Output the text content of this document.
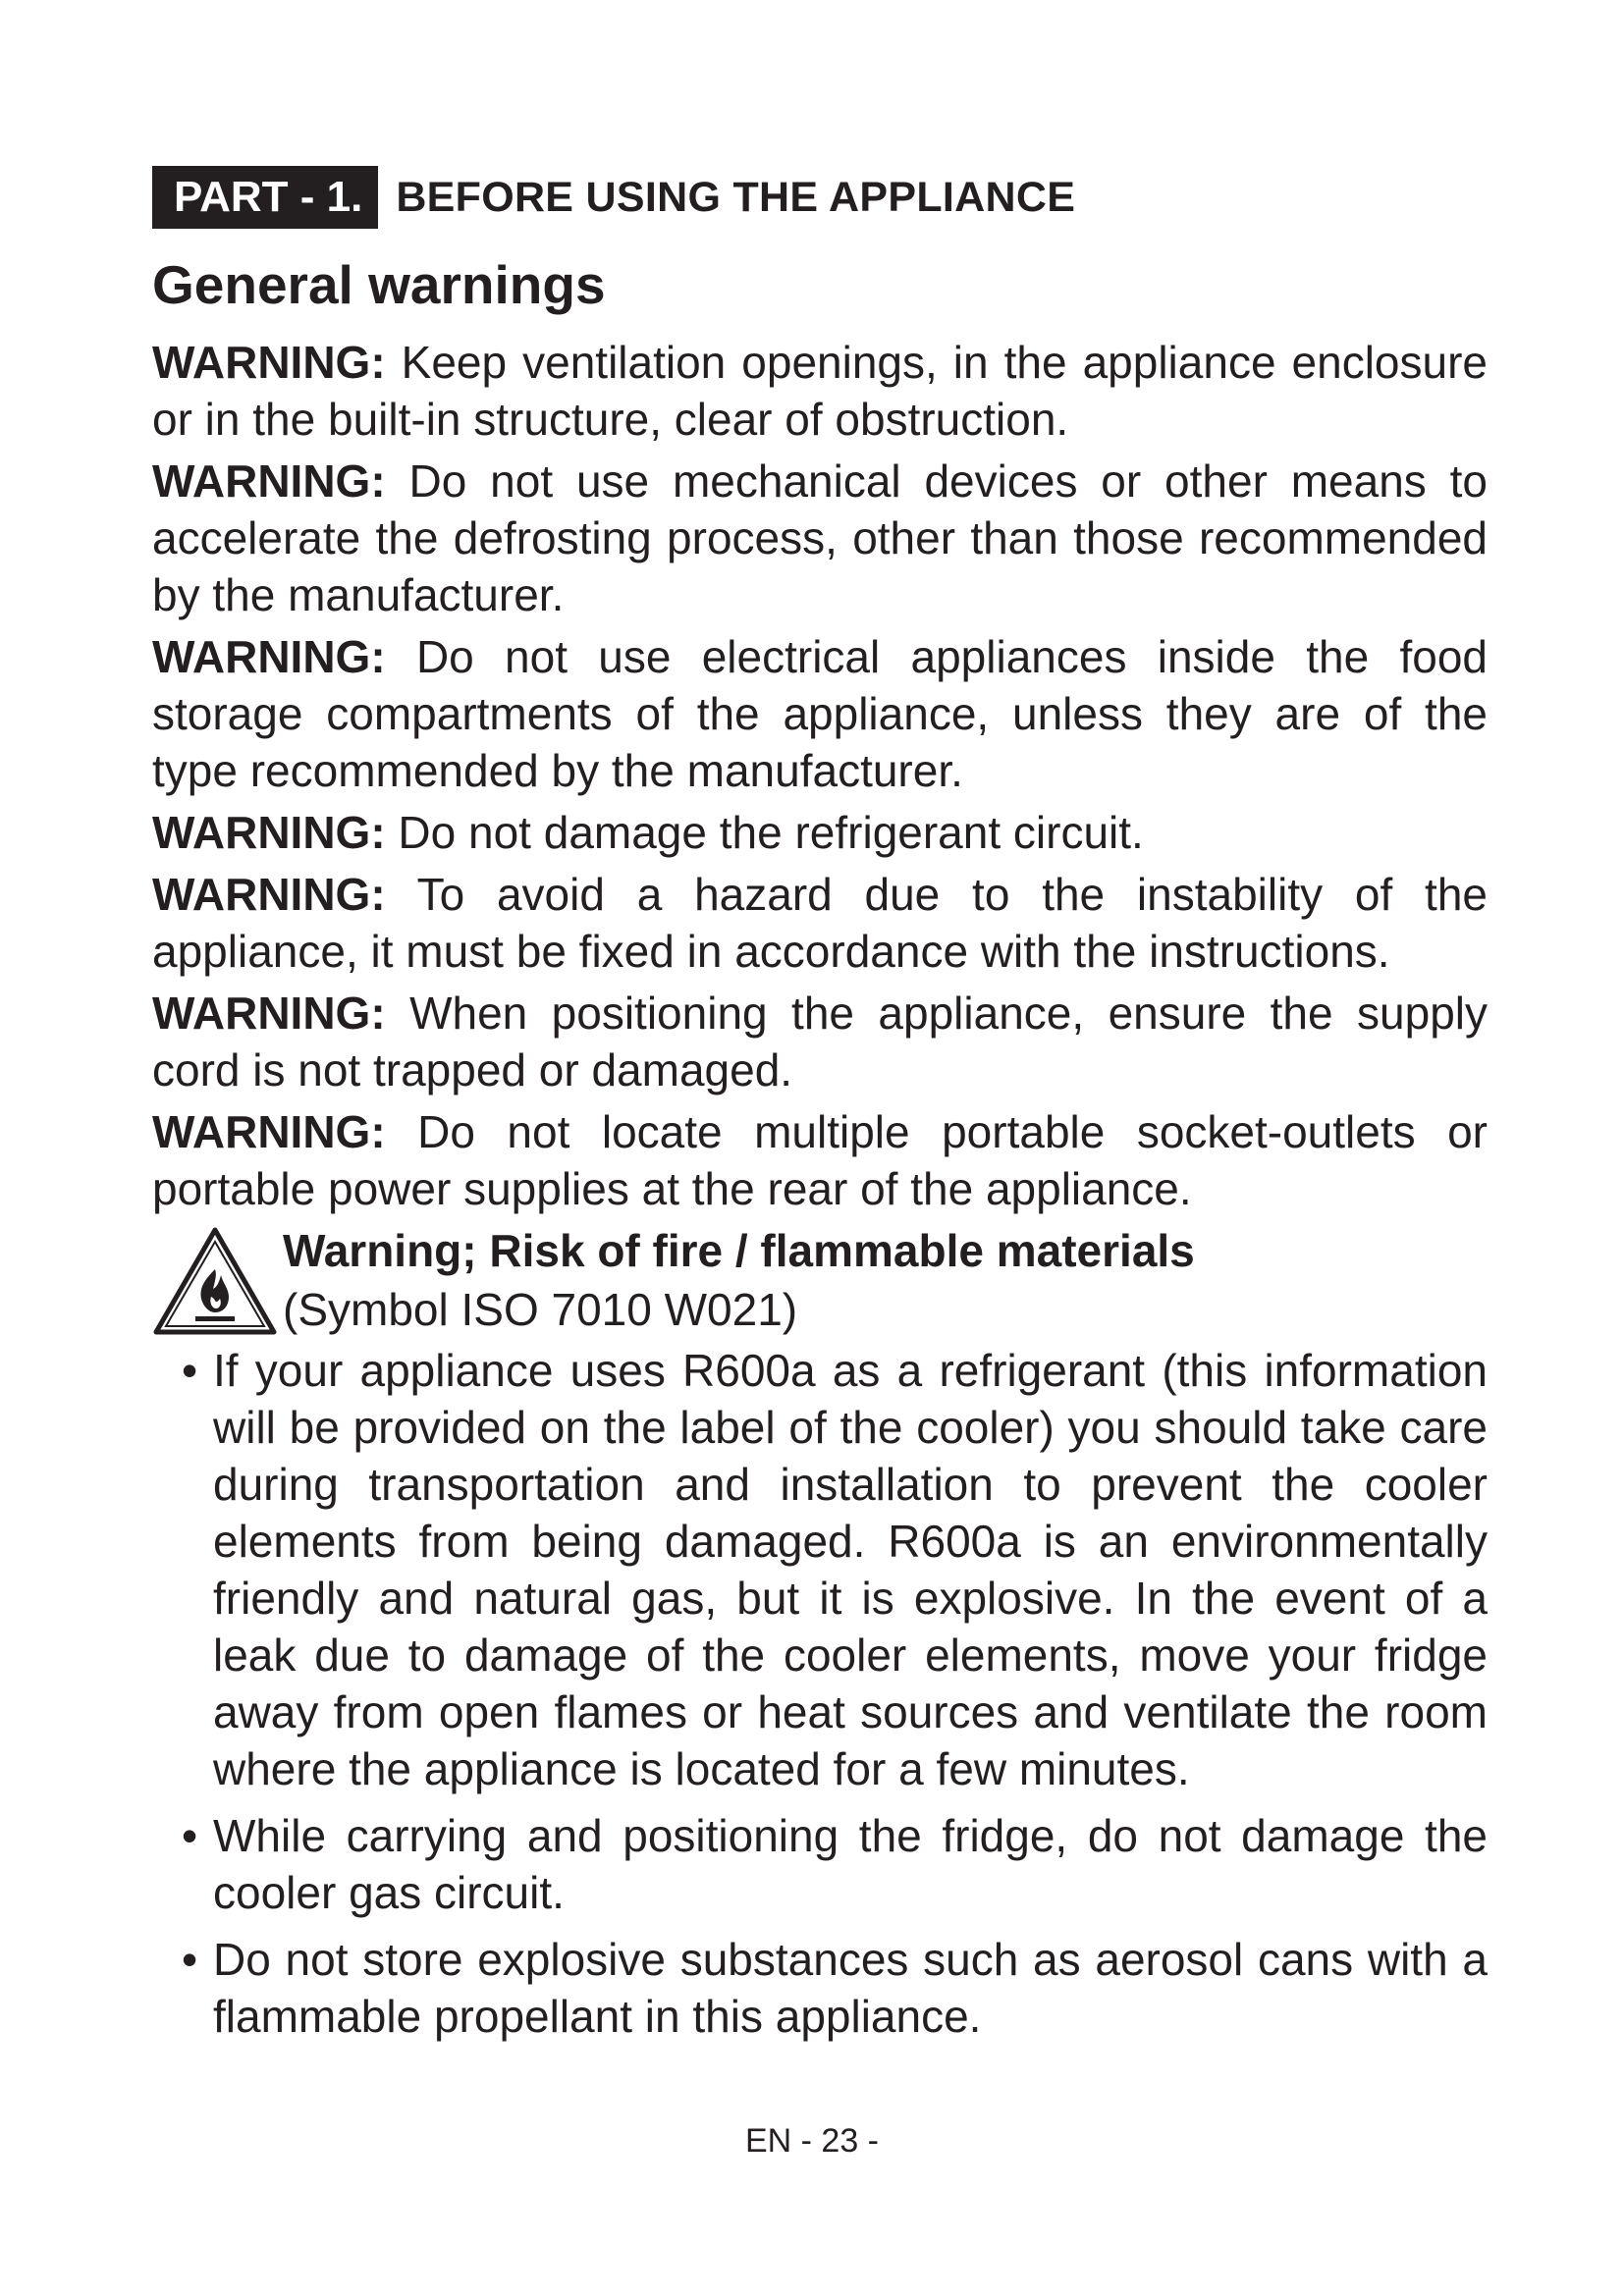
PART - 1. BEFORE USING THE APPLIANCE
General warnings

WARNING: Keep ventilation openings, in the appliance enclosure or in the built-in structure, clear of obstruction.

WARNING: Do not use mechanical devices or other means to accelerate the defrosting process, other than those recommended by the manufacturer.

WARNING: Do not use electrical appliances inside the food storage compartments of the appliance, unless they are of the type recommended by the manufacturer.

WARNING: Do not damage the refrigerant circuit.

WARNING: To avoid a hazard due to the instability of the appliance, it must be fixed in accordance with the instructions.

WARNING: When positioning the appliance, ensure the supply cord is not trapped or damaged.

WARNING: Do not locate multiple portable socket-outlets or portable power supplies at the rear of the appliance.

Warning; Risk of fire / flammable materials
(Symbol ISO 7010 W021)
• If your appliance uses R600a as a refrigerant (this information will be provided on the label of the cooler) you should take care during transportation and installation to prevent the cooler elements from being damaged. R600a is an environmentally friendly and natural gas, but it is explosive. In the event of a leak due to damage of the cooler elements, move your fridge away from open flames or heat sources and ventilate the room where the appliance is located for a few minutes.
• While carrying and positioning the fridge, do not damage the cooler gas circuit.
• Do not store explosive substances such as aerosol cans with a flammable propellant in this appliance.
EN - 23 -
